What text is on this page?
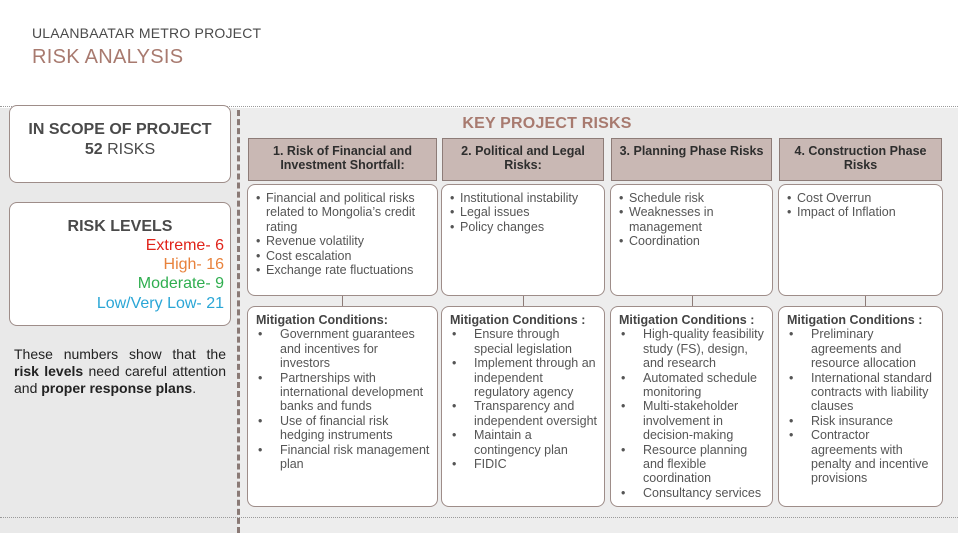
ULAANBAATAR METRO PROJECT
RISK ANALYSIS
IN SCOPE OF PROJECT
52 RISKS
RISK LEVELS
Extreme- 6
High- 16
Moderate- 9
Low/Very Low- 21
These numbers show that the risk levels need careful attention and proper response plans.
KEY PROJECT RISKS
1. Risk of Financial and Investment Shortfall:
• Financial and political risks related to Mongolia’s credit rating
• Revenue volatility
• Cost escalation
• Exchange rate fluctuations
Mitigation Conditions:
• Government guarantees and incentives for investors
• Partnerships with international development banks and funds
• Use of financial risk hedging instruments
• Financial risk management plan
2. Political and Legal Risks:
• Institutional instability
• Legal issues
• Policy changes
Mitigation Conditions :
• Ensure through special legislation
• Implement through an independent regulatory agency
• Transparency and independent oversight
• Maintain a contingency plan
• FIDIC
3. Planning Phase Risks
• Schedule risk
• Weaknesses in management
• Coordination
Mitigation Conditions :
• High-quality feasibility study (FS), design, and research
• Automated schedule monitoring
• Multi-stakeholder involvement in decision-making
• Resource planning and flexible coordination
• Consultancy services
4. Construction Phase Risks
• Cost Overrun
• Impact of Inflation
Mitigation Conditions :
• Preliminary agreements and resource allocation
• International standard contracts with liability clauses
• Risk insurance
• Contractor agreements with penalty and incentive provisions
